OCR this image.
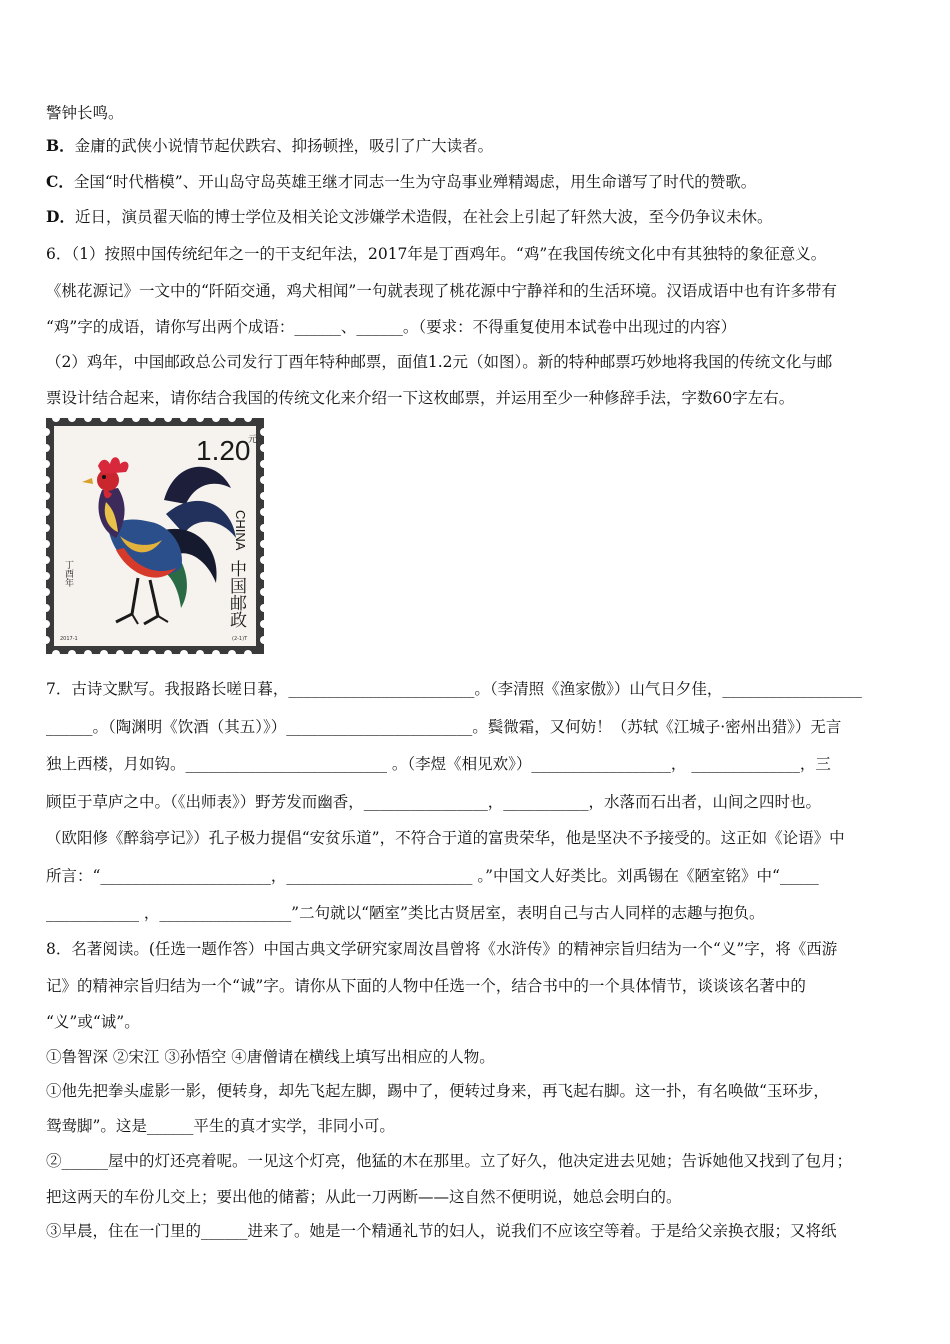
警钟长鸣。
B．金庸的武侠小说情节起伏跌宕、抑扬顿挫，吸引了广大读者。
C．全国“时代楷模”、开山岛守岛英雄王继才同志一生为守岛事业殚精竭虑，用生命谱写了时代的赞歌。
D．近日，演员翟天临的博士学位及相关论文涉嫌学术造假，在社会上引起了轩然大波，至今仍争议未休。
6．（1）按照中国传统纪年之一的干支纪年法，2017年是丁酉鸡年。“鸡”在我国传统文化中有其独特的象征意义。
《桃花源记》一文中的“阡陌交通，鸡犬相闻”一句就表现了桃花源中宁静祥和的生活环境。汉语成语中也有许多带有
“鸡”字的成语，请你写出两个成语：______、______。（要求：不得重复使用本试卷中出现过的内容）
（2）鸡年，中国邮政总公司发行丁酉年特种邮票，面值1.2元（如图）。新的特种邮票巧妙地将我国的传统文化与邮
票设计结合起来，请你结合我国的传统文化来介绍一下这枚邮票，并运用至少一种修辞手法，字数60字左右。
1.20
元
CHINA
中国邮政
丁酉年
2017-1	(2-1)T
7．古诗文默写。我报路长嗟日暮，________________________。（李清照《渔家傲》）山气日夕佳，__________________
______。（陶渊明《饮酒（其五）》）________________________。鬓微霜，又何妨！（苏轼《江城子·密州出猎》）无言
独上西楼，月如钩。__________________________ 。（李煜《相见欢》）__________________， ______________，三
顾臣于草庐之中。（《出师表》）野芳发而幽香，________________，___________，水落而石出者，山间之四时也。
（欧阳修《醉翁亭记》）孔子极力提倡“安贫乐道”，不符合于道的富贵荣华，他是坚决不予接受的。这正如《论语》中
所言：“______________________，________________________ 。”中国文人好类比。刘禹锡在《陋室铭》中“_____
____________ ，_________________”二句就以“陋室”类比古贤居室，表明自己与古人同样的志趣与抱负。
8．名著阅读。(任选一题作答）中国古典文学研究家周汝昌曾将《水浒传》的精神宗旨归结为一个“义”字，将《西游
记》的精神宗旨归结为一个“诚”字。请你从下面的人物中任选一个，结合书中的一个具体情节，谈谈该名著中的
“义”或“诚”。
①鲁智深 ②宋江 ③孙悟空 ④唐僧请在横线上填写出相应的人物。
①他先把拳头虚影一影，便转身，却先飞起左脚，踢中了，便转过身来，再飞起右脚。这一扑，有名唤做“玉环步，
鸳鸯脚”。这是______平生的真才实学，非同小可。
②______屋中的灯还亮着呢。一见这个灯亮，他猛的木在那里。立了好久，他决定进去见她；告诉她他又找到了包月；
把这两天的车份儿交上；要出他的储蓄；从此一刀两断——这自然不便明说，她总会明白的。
③早晨，住在一门里的______进来了。她是一个精通礼节的妇人，说我们不应该空等着。于是给父亲换衣服；又将纸
